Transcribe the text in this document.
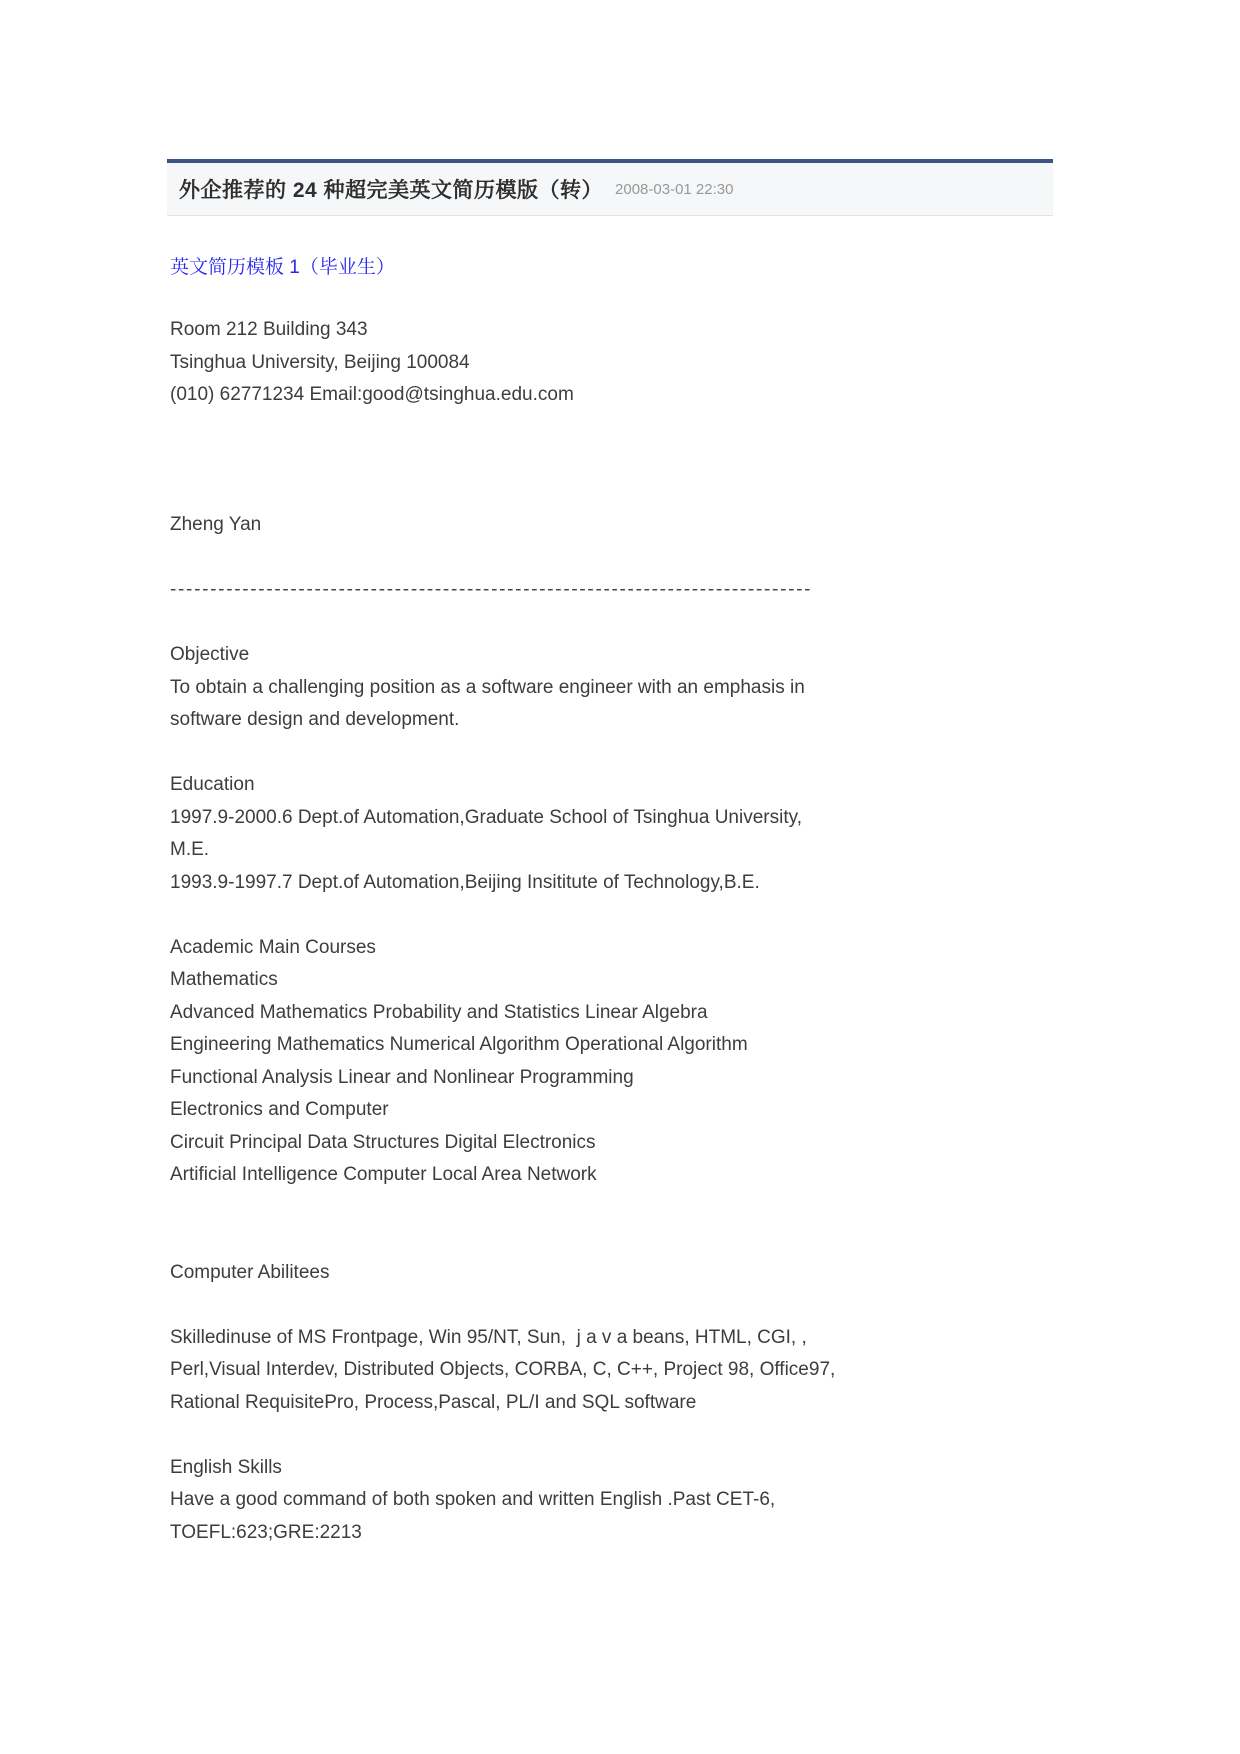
外企推荐的 24 种超完美英文简历模版（转） 2008-03-01 22:30
英文简历模板 1（毕业生）
Room 212 Building 343
Tsinghua University, Beijing 100084
(010) 62771234 Email:good@tsinghua.edu.com
Zheng Yan
--------------------------------------------------------------------------------
Objective
To obtain a challenging position as a software engineer with an emphasis in
software design and development.
Education
1997.9-2000.6 Dept.of Automation,Graduate School of Tsinghua University,
M.E.
1993.9-1997.7 Dept.of Automation,Beijing Insititute of Technology,B.E.
Academic Main Courses
Mathematics
Advanced Mathematics Probability and Statistics Linear Algebra
Engineering Mathematics Numerical Algorithm Operational Algorithm
Functional Analysis Linear and Nonlinear Programming
Electronics and Computer
Circuit Principal Data Structures Digital Electronics
Artificial Intelligence Computer Local Area Network
Computer Abilitees
Skilledinuse of MS Frontpage, Win 95/NT, Sun,  j a v a beans, HTML, CGI, ,
Perl,Visual Interdev, Distributed Objects, CORBA, C, C++, Project 98, Office97,
Rational RequisitePro, Process,Pascal, PL/I and SQL software
English Skills
Have a good command of both spoken and written English .Past CET-6,
TOEFL:623;GRE:2213
